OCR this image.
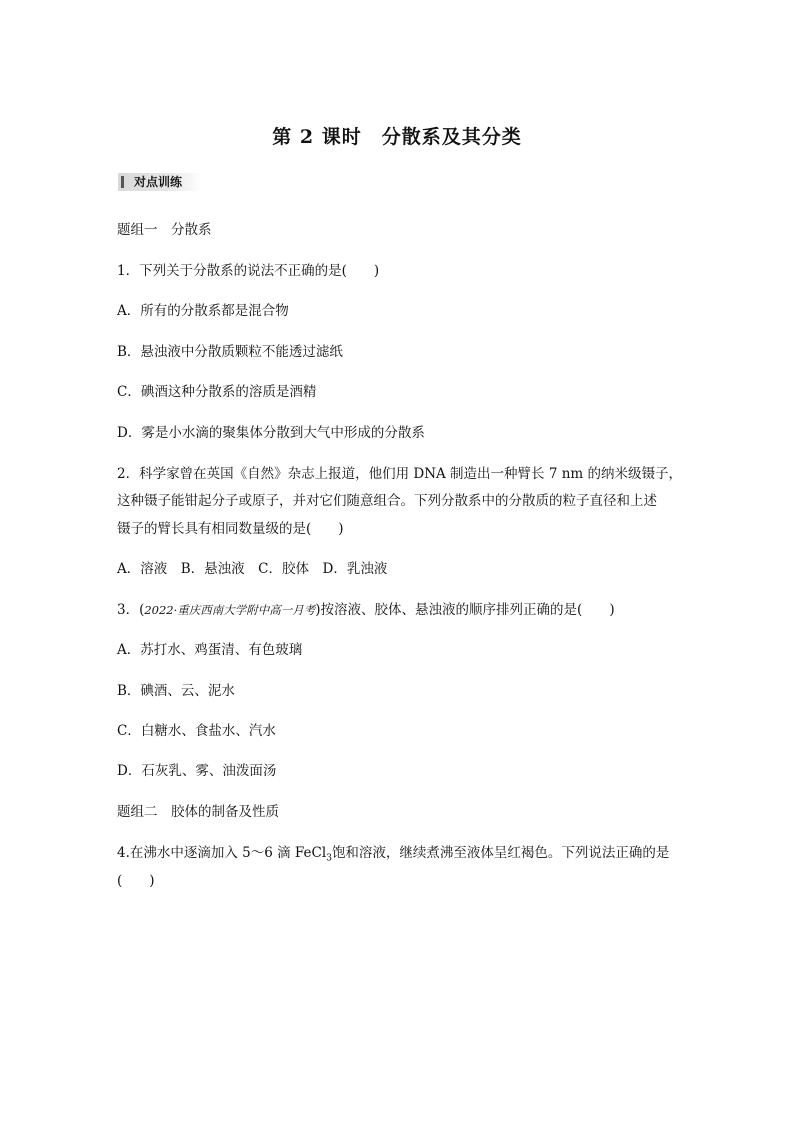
第 2 课时　分散系及其分类
对点训练
题组一　分散系
1．下列关于分散系的说法不正确的是(　　)
A．所有的分散系都是混合物
B．悬浊液中分散质颗粒不能透过滤纸
C．碘酒这种分散系的溶质是酒精
D．雾是小水滴的聚集体分散到大气中形成的分散系
2．科学家曾在英国《自然》杂志上报道，他们用 DNA 制造出一种臂长 7 nm 的纳米级镊子，
这种镊子能钳起分子或原子，并对它们随意组合。下列分散系中的分散质的粒子直径和上述
镊子的臂长具有相同数量级的是(　　)
A．溶液　B．悬浊液　C．胶体　D．乳浊液
3．(2022·重庆西南大学附中高一月考)按溶液、胶体、悬浊液的顺序排列正确的是(　　)
A．苏打水、鸡蛋清、有色玻璃
B．碘酒、云、泥水
C．白糖水、食盐水、汽水
D．石灰乳、雾、油泼面汤
题组二　胶体的制备及性质
4.在沸水中逐滴加入 5～6 滴 FeCl$_3$饱和溶液，继续煮沸至液体呈红褐色。下列说法正确的是
(　　)
